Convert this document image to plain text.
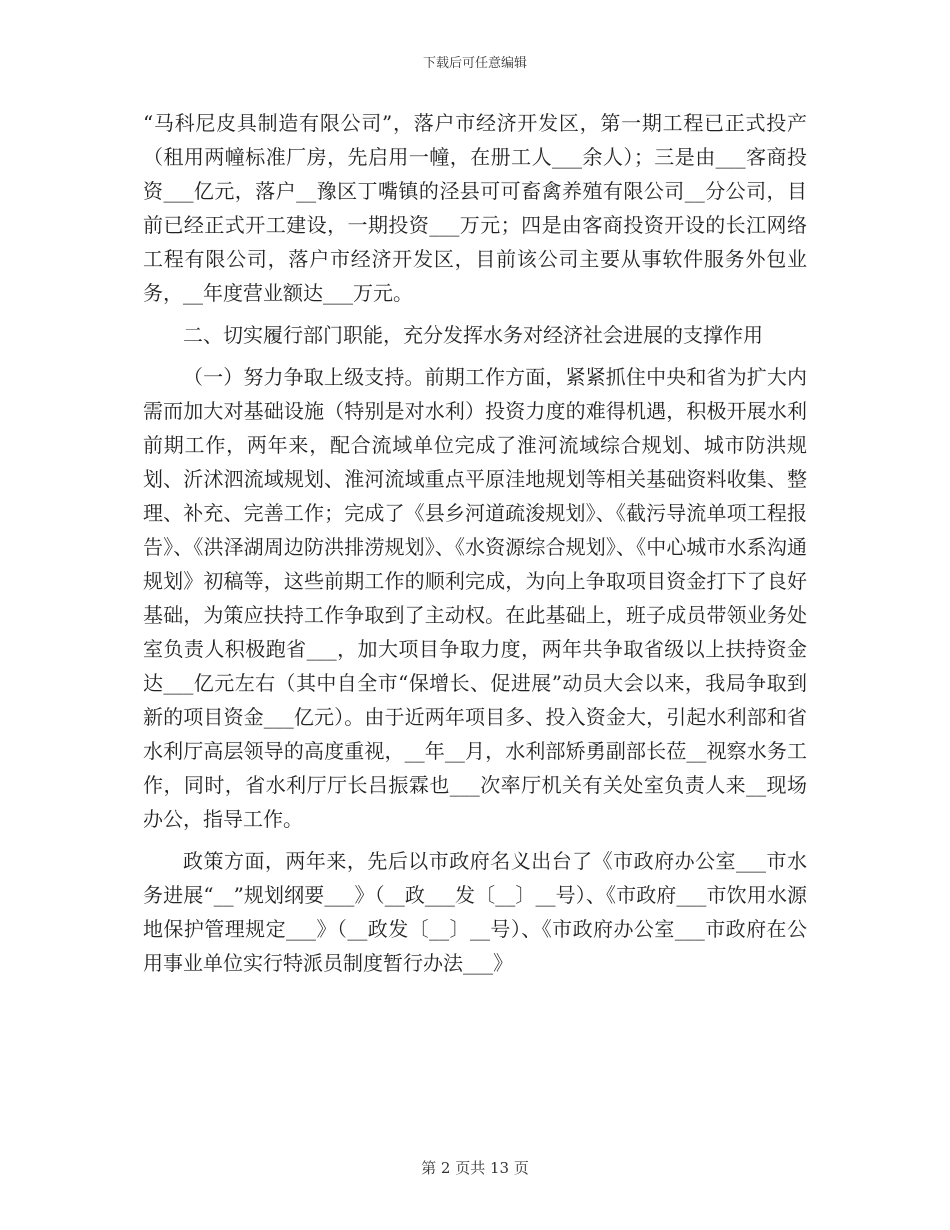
下载后可任意编辑

“马科尼皮具制造有限公司”，落户市经济开发区，第一期工程已正式投产（租用两幢标准厂房，先启用一幢，在册工人___余人）；三是由___客商投资___亿元，落户__豫区丁嘴镇的泾县可可畜禽养殖有限公司__分公司，目前已经正式开工建设，一期投资___万元；四是由客商投资开设的长江网络工程有限公司，落户市经济开发区，目前该公司主要从事软件服务外包业务，__年度营业额达___万元。

二、切实履行部门职能，充分发挥水务对经济社会进展的支撑作用

（一）努力争取上级支持。前期工作方面，紧紧抓住中央和省为扩大内需而加大对基础设施（特别是对水利）投资力度的难得机遇，积极开展水利前期工作，两年来，配合流域单位完成了淮河流域综合规划、城市防洪规划、沂沭泗流域规划、淮河流域重点平原洼地规划等相关基础资料收集、整理、补充、完善工作；完成了《县乡河道疏浚规划》、《截污导流单项工程报告》、《洪泽湖周边防洪排涝规划》、《水资源综合规划》、《中心城市水系沟通规划》初稿等，这些前期工作的顺利完成，为向上争取项目资金打下了良好基础，为策应扶持工作争取到了主动权。在此基础上，班子成员带领业务处室负责人积极跑省___，加大项目争取力度，两年共争取省级以上扶持资金达___亿元左右（其中自全市“保增长、促进展”动员大会以来，我局争取到新的项目资金___亿元）。由于近两年项目多、投入资金大，引起水利部和省水利厅高层领导的高度重视，__年__月，水利部矫勇副部长莅__视察水务工作，同时，省水利厅厅长吕振霖也___次率厅机关有关处室负责人来__现场办公，指导工作。

政策方面，两年来，先后以市政府名义出台了《市政府办公室___市水务进展“__”规划纲要___》（__政___发〔__〕__号）、《市政府___市饮用水源地保护管理规定___》（__政发〔__〕__号）、《市政府办公室___市政府在公用事业单位实行特派员制度暂行办法___》

第 2 页共 13 页
